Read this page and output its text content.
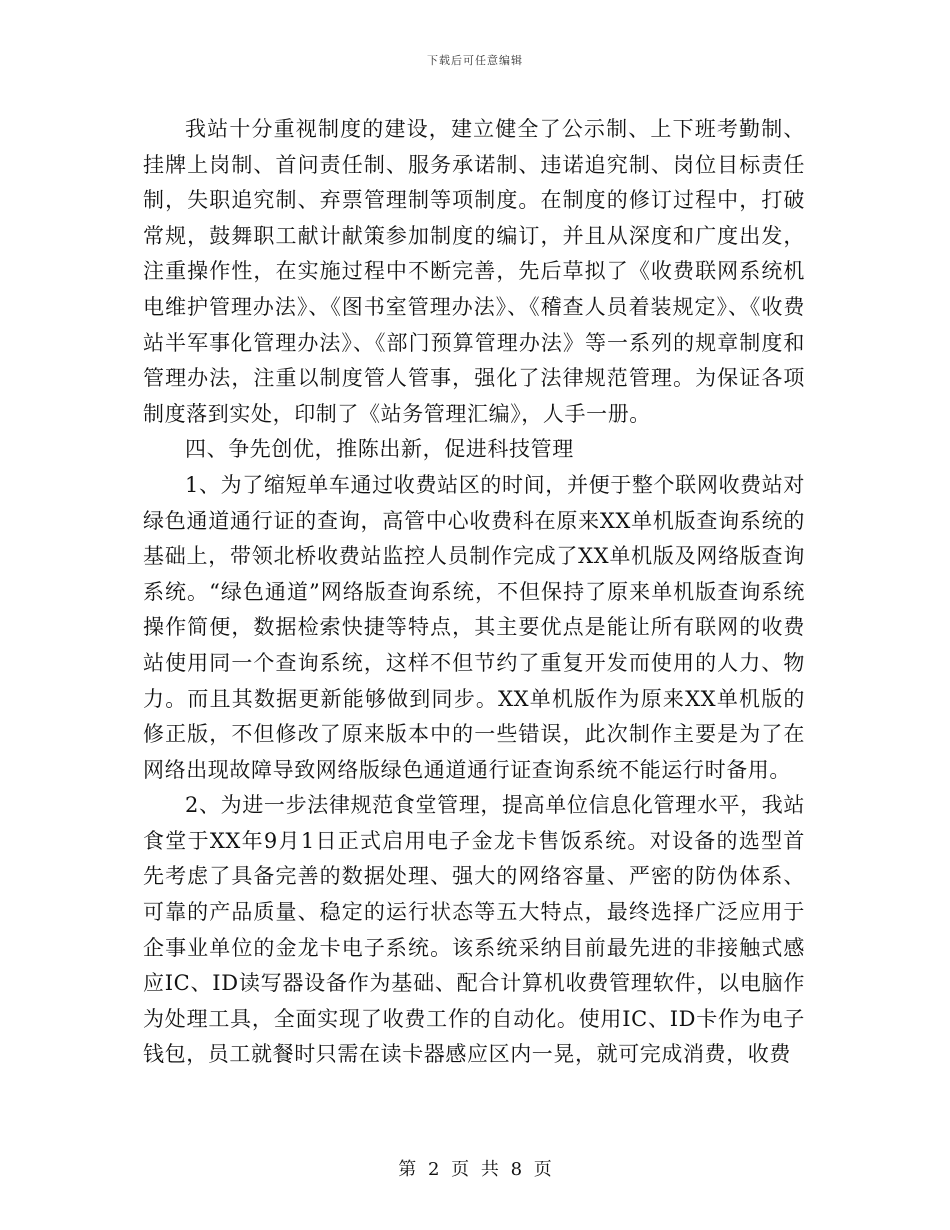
下载后可任意编辑

我站十分重视制度的建设，建立健全了公示制、上下班考勤制、挂牌上岗制、首问责任制、服务承诺制、违诺追究制、岗位目标责任制，失职追究制、弃票管理制等项制度。在制度的修订过程中，打破常规，鼓舞职工献计献策参加制度的编订，并且从深度和广度出发，注重操作性，在实施过程中不断完善，先后草拟了《收费联网系统机电维护管理办法》、《图书室管理办法》、《稽查人员着装规定》、《收费站半军事化管理办法》、《部门预算管理办法》等一系列的规章制度和管理办法，注重以制度管人管事，强化了法律规范管理。为保证各项制度落到实处，印制了《站务管理汇编》，人手一册。

四、争先创优，推陈出新，促进科技管理

1、为了缩短单车通过收费站区的时间，并便于整个联网收费站对绿色通道通行证的查询，高管中心收费科在原来XX单机版查询系统的基础上，带领北桥收费站监控人员制作完成了XX单机版及网络版查询系统。“绿色通道”网络版查询系统，不但保持了原来单机版查询系统操作简便，数据检索快捷等特点，其主要优点是能让所有联网的收费站使用同一个查询系统，这样不但节约了重复开发而使用的人力、物力。而且其数据更新能够做到同步。XX单机版作为原来XX单机版的修正版，不但修改了原来版本中的一些错误，此次制作主要是为了在网络出现故障导致网络版绿色通道通行证查询系统不能运行时备用。

2、为进一步法律规范食堂管理，提高单位信息化管理水平，我站食堂于XX年9月1日正式启用电子金龙卡售饭系统。对设备的选型首先考虑了具备完善的数据处理、强大的网络容量、严密的防伪体系、可靠的产品质量、稳定的运行状态等五大特点，最终选择广泛应用于企事业单位的金龙卡电子系统。该系统采纳目前最先进的非接触式感应IC、ID读写器设备作为基础、配合计算机收费管理软件，以电脑作为处理工具，全面实现了收费工作的自动化。使用IC、ID卡作为电子钱包，员工就餐时只需在读卡器感应区内一晃，就可完成消费，收费

第 2 页 共 8 页
